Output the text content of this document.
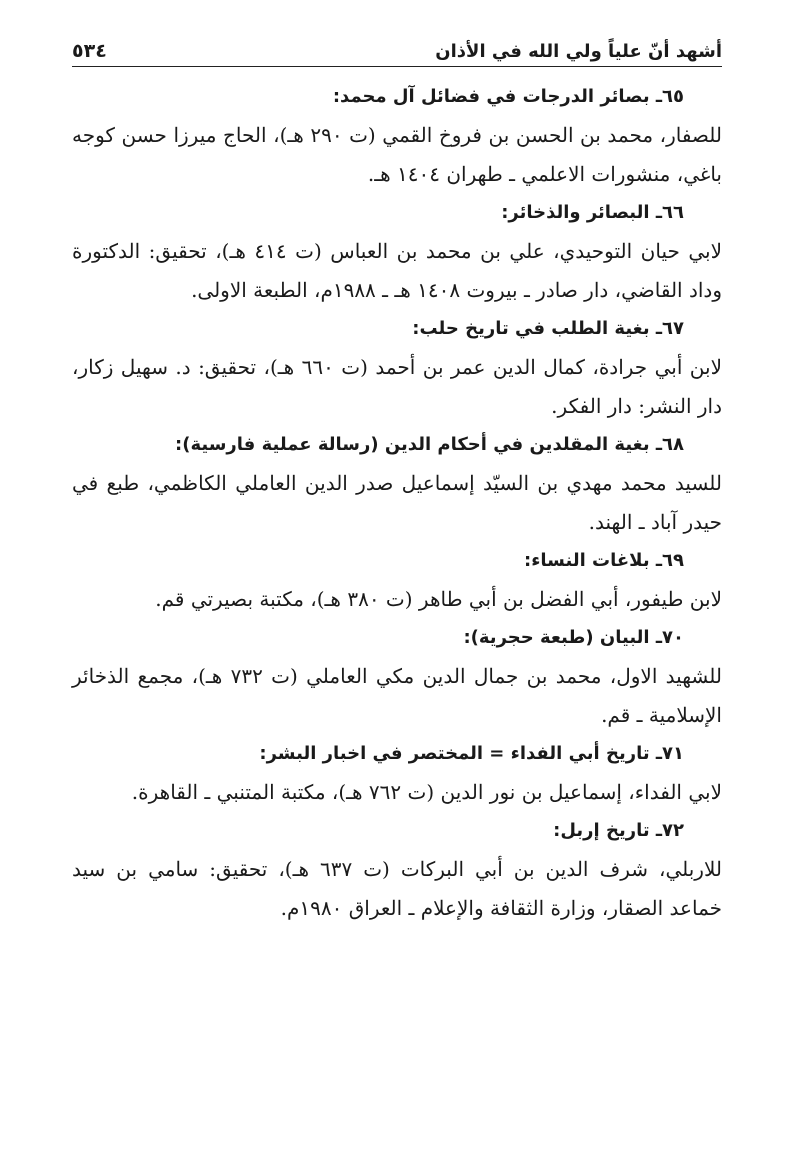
أشهد أنّ علياً ولي الله في الأذان
٥٣٤

٦٥ـ بصائر الدرجات في فضائل آل محمد:

للصفار، محمد بن الحسن بن فروخ القمي (ت ٢٩٠ هـ)، الحاج ميرزا حسن كوجه باغي، منشورات الاعلمي ـ طهران ١٤٠٤ هـ.

٦٦ـ البصائر والذخائر:

لابي حيان التوحيدي، علي بن محمد بن العباس (ت ٤١٤ هـ)، تحقيق: الدكتورة وداد القاضي، دار صادر ـ بيروت ١٤٠٨ هـ ـ ١٩٨٨م، الطبعة الاولى.

٦٧ـ بغية الطلب في تاريخ حلب:

لابن أبي جرادة، كمال الدين عمر بن أحمد (ت ٦٦٠ هـ)، تحقيق: د. سهيل زكار، دار النشر: دار الفكر.

٦٨ـ بغية المقلدين في أحكام الدين (رسالة عملية فارسية):

للسيد محمد مهدي بن السيّد إسماعيل صدر الدين العاملي الكاظمي، طبع في حيدر آباد ـ الهند.

٦٩ـ بلاغات النساء:

لابن طيفور، أبي الفضل بن أبي طاهر (ت ٣٨٠ هـ)، مكتبة بصيرتي قم.

٧٠ـ البيان (طبعة حجرية):

للشهيد الاول، محمد بن جمال الدين مكي العاملي (ت ٧٣٢ هـ)، مجمع الذخائر الإسلامية ـ قم.

٧١ـ تاريخ أبي الفداء = المختصر في اخبار البشر:

لابي الفداء، إسماعيل بن نور الدين (ت ٧٦٢ هـ)، مكتبة المتنبي ـ القاهرة.

٧٢ـ تاريخ إربل:

للاربلي، شرف الدين بن أبي البركات (ت ٦٣٧ هـ)، تحقيق: سامي بن سيد خماعد الصقار، وزارة الثقافة والإعلام ـ العراق ١٩٨٠م.
